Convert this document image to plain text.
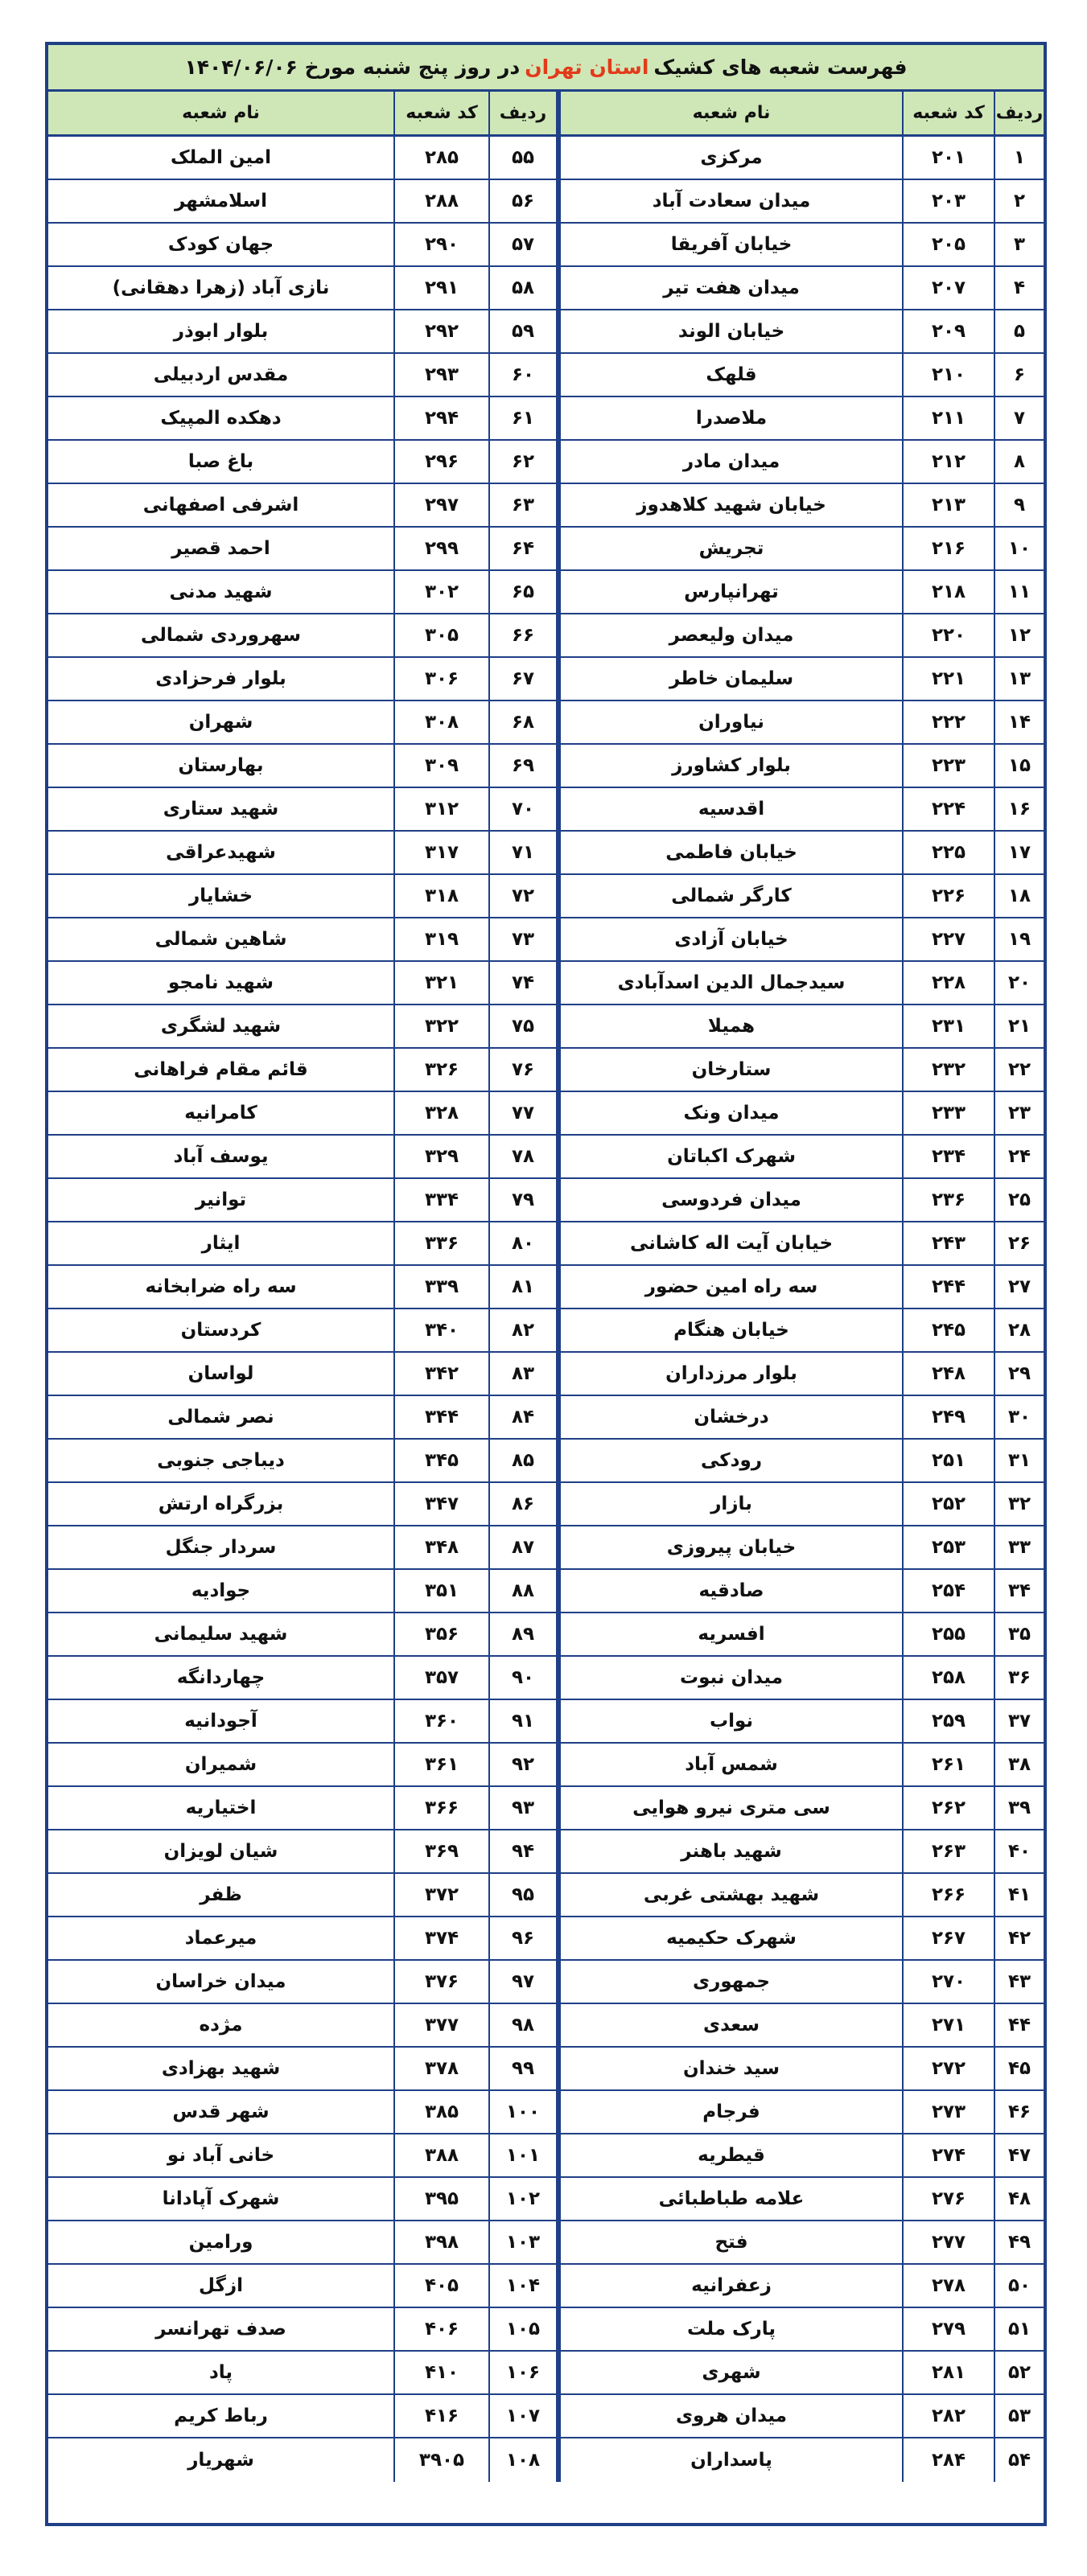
فهرست شعبه های کشیک
استان تهران
در روز پنج شنبه مورخ ۱۴۰۴/۰۶/۰۶
ردیف
کد شعبه
نام شعبه
ردیف
کد شعبه
نام شعبه
۱
۲۰۱
مرکزی
۵۵
۲۸۵
امین الملک
۲
۲۰۳
میدان سعادت آباد
۵۶
۲۸۸
اسلامشهر
۳
۲۰۵
خیابان آفریقا
۵۷
۲۹۰
جهان کودک
۴
۲۰۷
میدان هفت تیر
۵۸
۲۹۱
نازی آباد (زهرا دهقانی)
۵
۲۰۹
خیابان الوند
۵۹
۲۹۲
بلوار ابوذر
۶
۲۱۰
قلهک
۶۰
۲۹۳
مقدس اردبیلی
۷
۲۱۱
ملاصدرا
۶۱
۲۹۴
دهکده المپیک
۸
۲۱۲
میدان مادر
۶۲
۲۹۶
باغ صبا
۹
۲۱۳
خیابان شهید کلاهدوز
۶۳
۲۹۷
اشرفی اصفهانی
۱۰
۲۱۶
تجریش
۶۴
۲۹۹
احمد قصیر
۱۱
۲۱۸
تهرانپارس
۶۵
۳۰۲
شهید مدنی
۱۲
۲۲۰
میدان ولیعصر
۶۶
۳۰۵
سهروردی شمالی
۱۳
۲۲۱
سلیمان خاطر
۶۷
۳۰۶
بلوار فرحزادی
۱۴
۲۲۲
نیاوران
۶۸
۳۰۸
شهران
۱۵
۲۲۳
بلوار کشاورز
۶۹
۳۰۹
بهارستان
۱۶
۲۲۴
اقدسیه
۷۰
۳۱۲
شهید ستاری
۱۷
۲۲۵
خیابان فاطمی
۷۱
۳۱۷
شهیدعراقی
۱۸
۲۲۶
کارگر شمالی
۷۲
۳۱۸
خشایار
۱۹
۲۲۷
خیابان آزادی
۷۳
۳۱۹
شاهین شمالی
۲۰
۲۲۸
سیدجمال الدین اسدآبادی
۷۴
۳۲۱
شهید نامجو
۲۱
۲۳۱
همیلا
۷۵
۳۲۲
شهید لشگری
۲۲
۲۳۲
ستارخان
۷۶
۳۲۶
قائم مقام فراهانی
۲۳
۲۳۳
میدان ونک
۷۷
۳۲۸
کامرانیه
۲۴
۲۳۴
شهرک اکباتان
۷۸
۳۲۹
یوسف آباد
۲۵
۲۳۶
میدان فردوسی
۷۹
۳۳۴
توانیر
۲۶
۲۴۳
خیابان آیت اله کاشانی
۸۰
۳۳۶
ایثار
۲۷
۲۴۴
سه راه امین حضور
۸۱
۳۳۹
سه راه ضرابخانه
۲۸
۲۴۵
خیابان هنگام
۸۲
۳۴۰
کردستان
۲۹
۲۴۸
بلوار مرزداران
۸۳
۳۴۲
لواسان
۳۰
۲۴۹
درخشان
۸۴
۳۴۴
نصر شمالی
۳۱
۲۵۱
رودکی
۸۵
۳۴۵
دیباجی جنوبی
۳۲
۲۵۲
بازار
۸۶
۳۴۷
بزرگراه ارتش
۳۳
۲۵۳
خیابان پیروزی
۸۷
۳۴۸
سردار جنگل
۳۴
۲۵۴
صادقیه
۸۸
۳۵۱
جوادیه
۳۵
۲۵۵
افسریه
۸۹
۳۵۶
شهید سلیمانی
۳۶
۲۵۸
میدان نبوت
۹۰
۳۵۷
چهاردانگه
۳۷
۲۵۹
نواب
۹۱
۳۶۰
آجودانیه
۳۸
۲۶۱
شمس آباد
۹۲
۳۶۱
شمیران
۳۹
۲۶۲
سی متری نیرو هوایی
۹۳
۳۶۶
اختیاریه
۴۰
۲۶۳
شهید باهنر
۹۴
۳۶۹
شیان لویزان
۴۱
۲۶۶
شهید بهشتی غربی
۹۵
۳۷۲
ظفر
۴۲
۲۶۷
شهرک حکیمیه
۹۶
۳۷۴
میرعماد
۴۳
۲۷۰
جمهوری
۹۷
۳۷۶
میدان خراسان
۴۴
۲۷۱
سعدی
۹۸
۳۷۷
مژده
۴۵
۲۷۲
سید خندان
۹۹
۳۷۸
شهید بهزادی
۴۶
۲۷۳
فرجام
۱۰۰
۳۸۵
شهر قدس
۴۷
۲۷۴
قیطریه
۱۰۱
۳۸۸
خانی آباد نو
۴۸
۲۷۶
علامه طباطبائی
۱۰۲
۳۹۵
شهرک آپادانا
۴۹
۲۷۷
فتح
۱۰۳
۳۹۸
ورامین
۵۰
۲۷۸
زعفرانیه
۱۰۴
۴۰۵
ازگل
۵۱
۲۷۹
پارک ملت
۱۰۵
۴۰۶
صدف تهرانسر
۵۲
۲۸۱
شهری
۱۰۶
۴۱۰
پاد
۵۳
۲۸۲
میدان هروی
۱۰۷
۴۱۶
رباط کریم
۵۴
۲۸۴
پاسداران
۱۰۸
۳۹۰۵
شهریار
